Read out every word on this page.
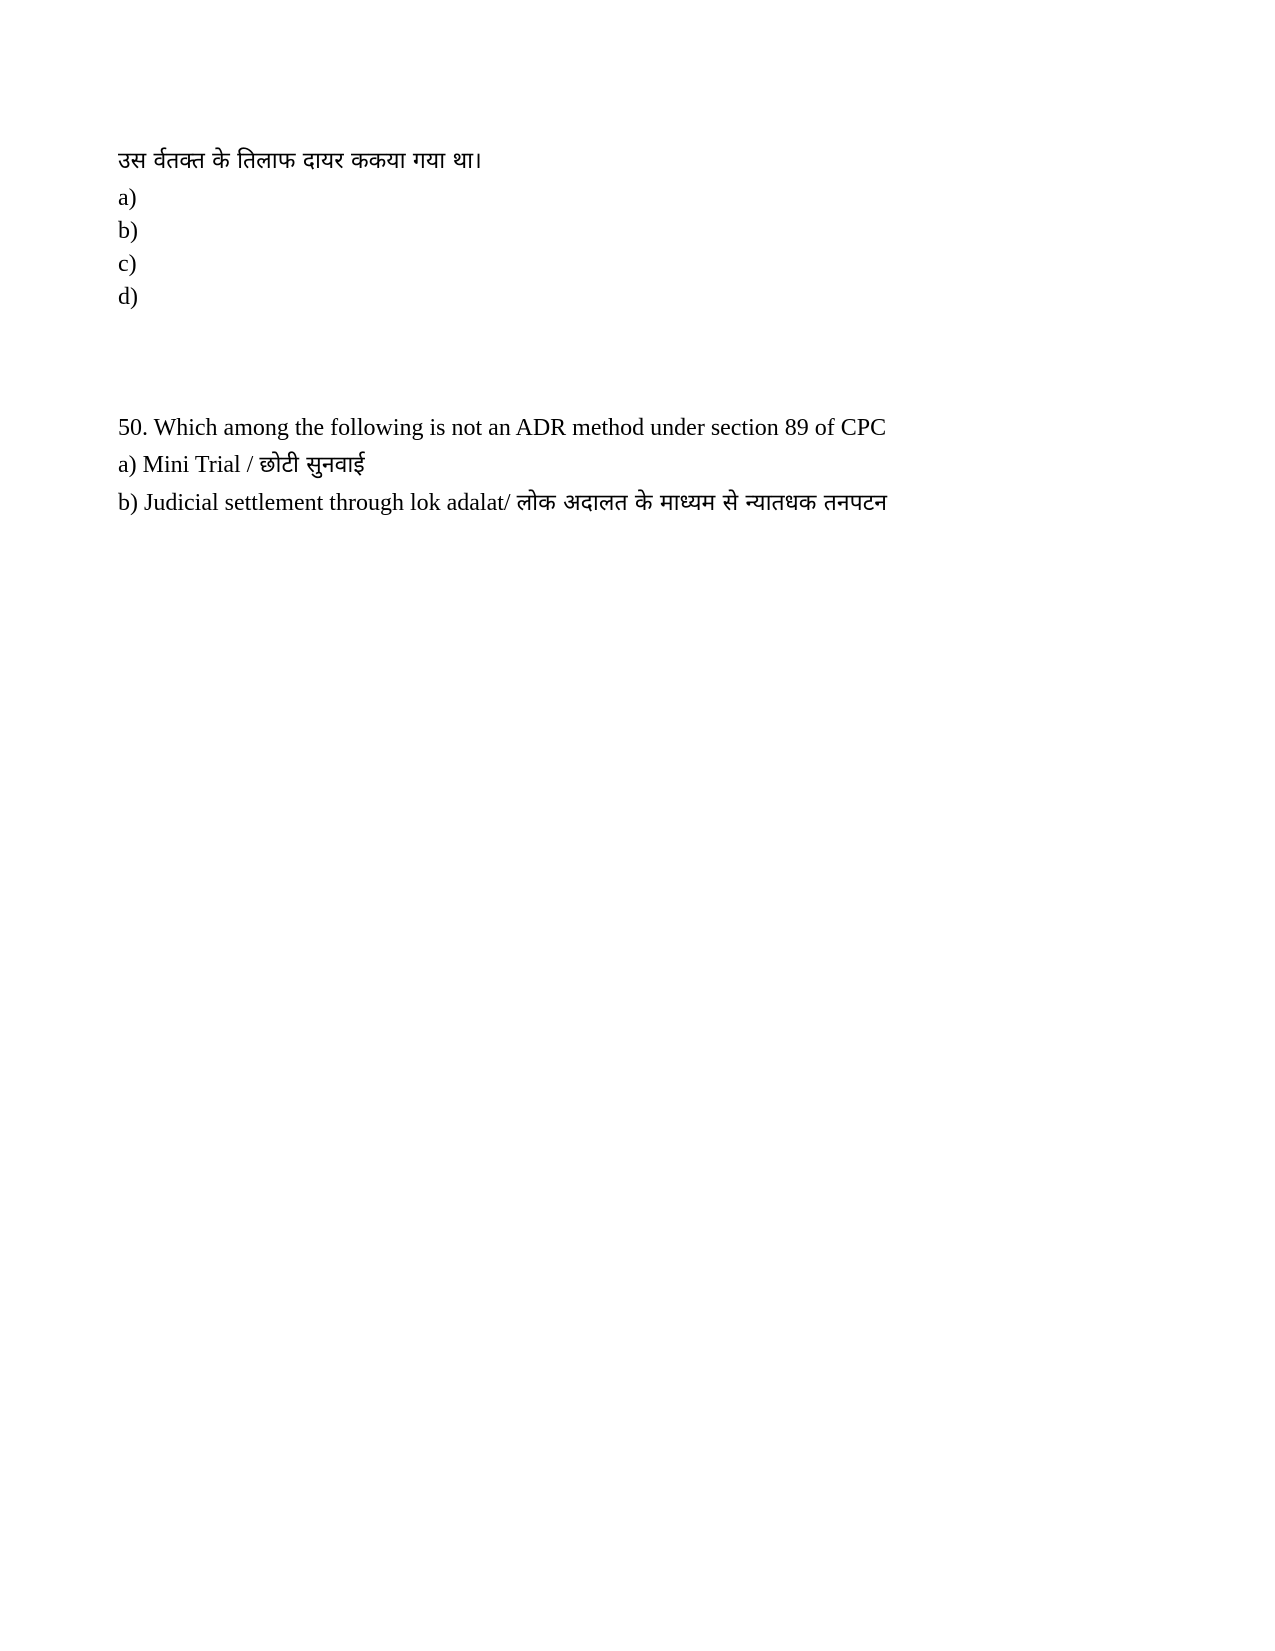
उस र्वतक्त के तिलाफ दायर ककया गया था।
a)
b)
c)
d)
50. Which among the following is not an ADR method under section 89 of CPC
a) Mini Trial / छोटी सुनवाई
b) Judicial settlement through lok adalat/ लोक अदालत के माध्यम से न्यातधक तनपटन
